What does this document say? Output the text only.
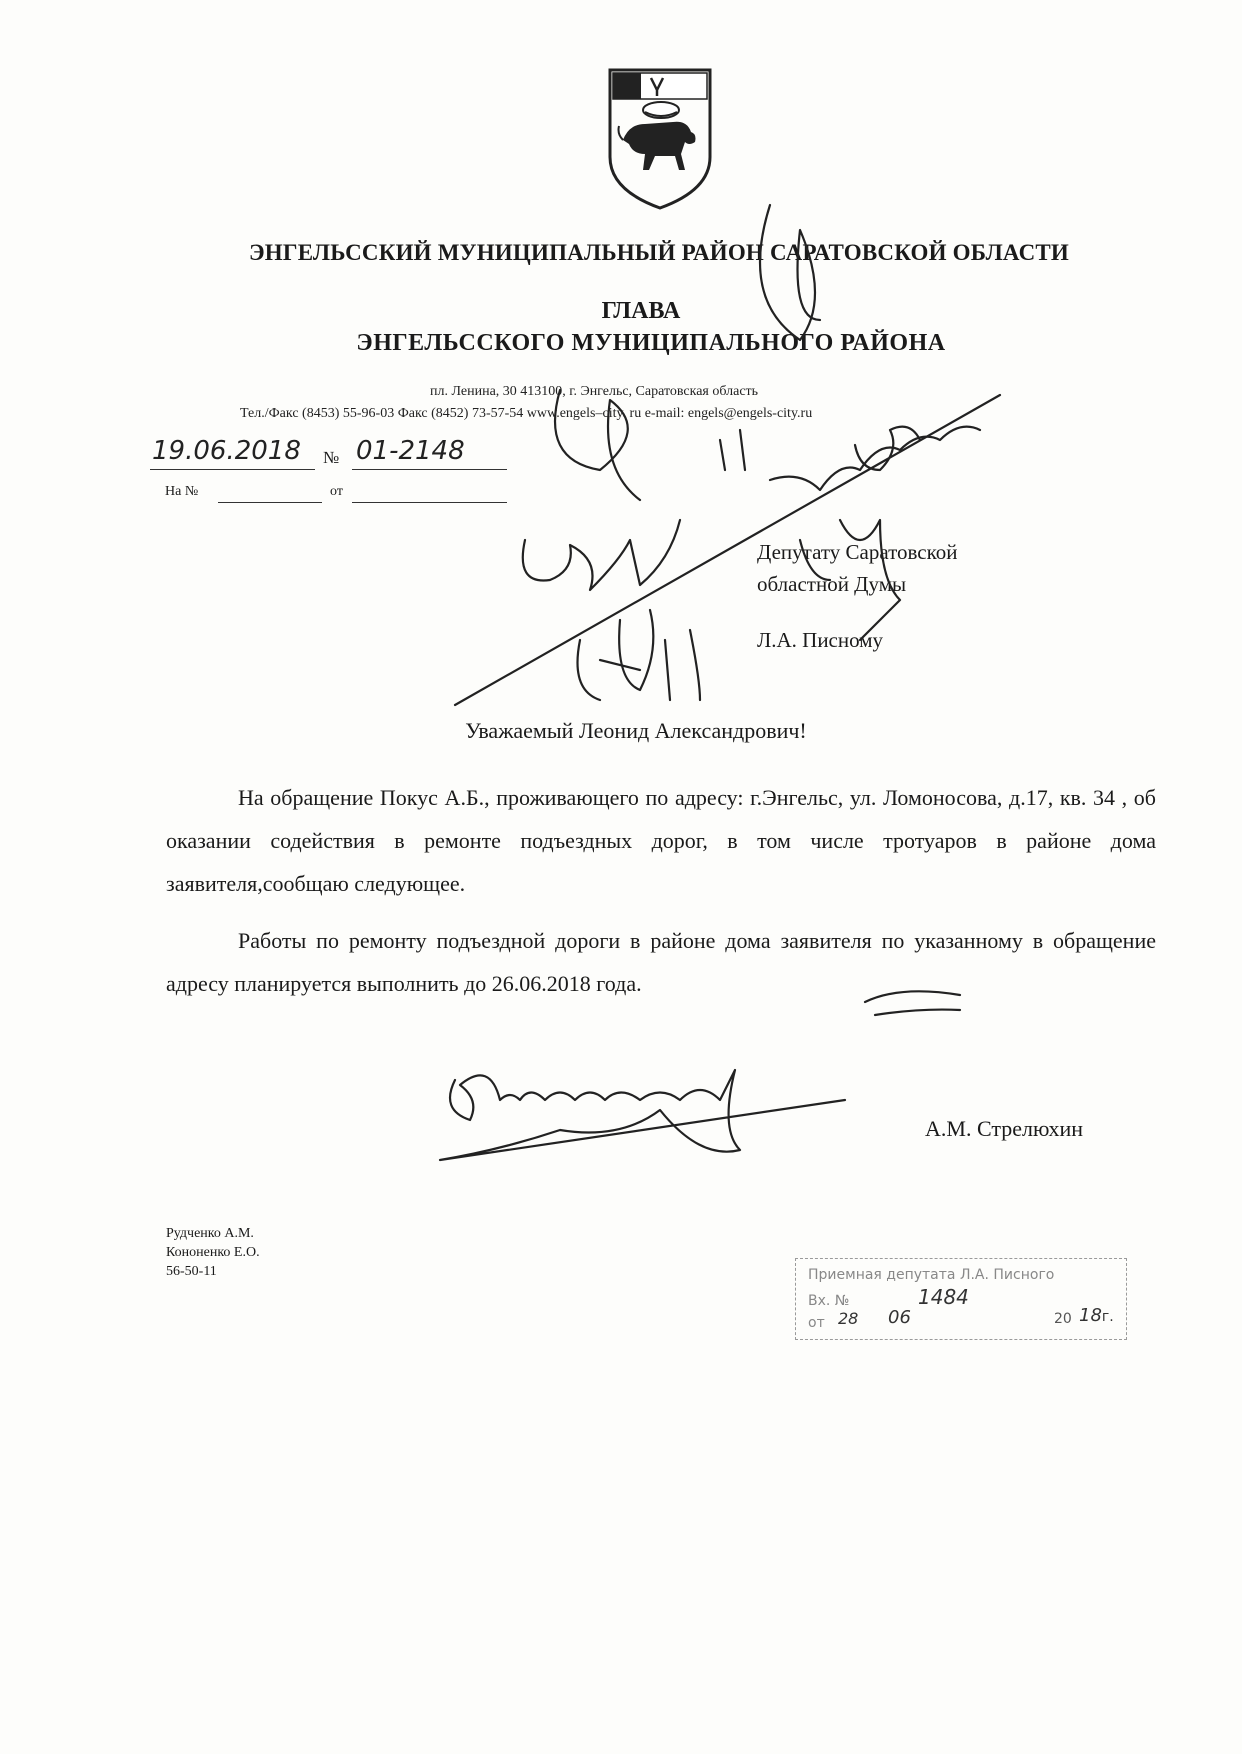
ЭНГЕЛЬССКИЙ МУНИЦИПАЛЬНЫЙ РАЙОН САРАТОВСКОЙ ОБЛАСТИ
ГЛАВА
ЭНГЕЛЬССКОГО МУНИЦИПАЛЬНОГО РАЙОНА
пл. Ленина, 30 413100, г. Энгельс, Саратовская область
Тел./Факс (8453) 55-96-03 Факс (8452) 73-57-54 www.engels–city. ru e-mail: engels@engels-city.ru
19.06.2018 № 01-2148
На №	от
Депутату Саратовской
областной Думы
Л.А. Писному
Уважаемый Леонид Александрович!

На обращение Покус А.Б., проживающего по адресу: г.Энгельс, ул. Ломоносова, д.17, кв. 34 , об оказании содействия в ремонте подъездных дорог, в том числе тротуаров в районе дома заявителя,сообщаю следующее.

Работы по ремонту подъездной дороги в районе дома заявителя по указанному в обращение адресу планируется выполнить до 26.06.2018 года.

А.М. Стрелюхин
Рудченко А.М.
Кононенко Е.О.
56-50-11	Приемная депутата Л.А. Писного
Вх. №	1484
от 28 06	20 18г.
